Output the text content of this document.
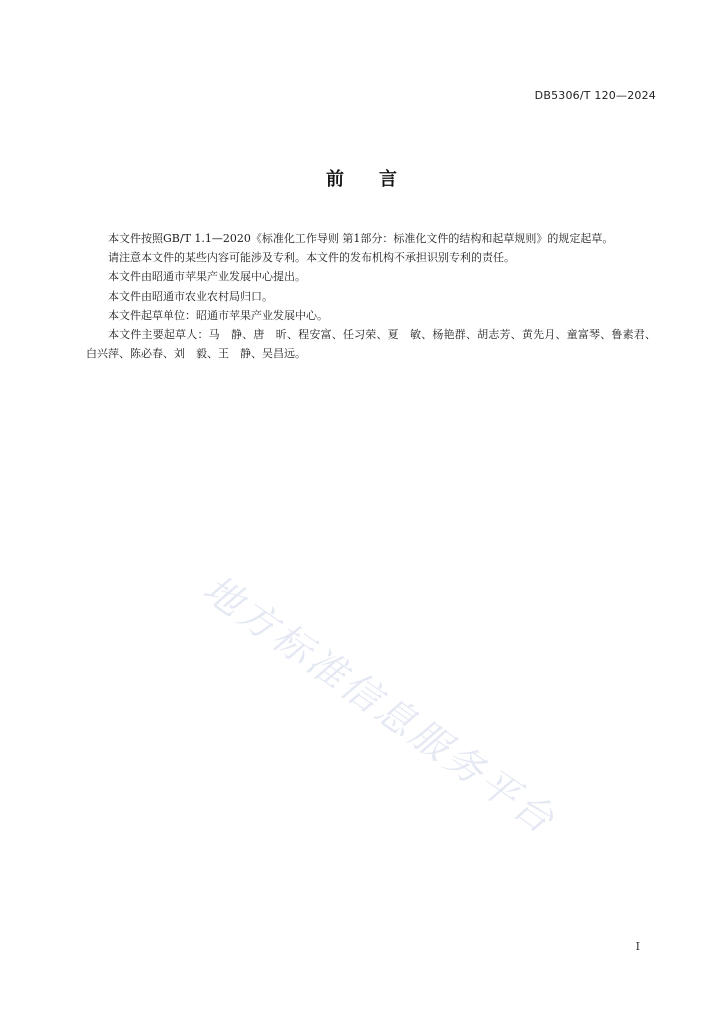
DB5306/T 120—2024
前 言

本文件按照GB/T 1.1—2020《标准化工作导则 第1部分：标准化文件的结构和起草规则》的规定起草。

请注意本文件的某些内容可能涉及专利。本文件的发布机构不承担识别专利的责任。

本文件由昭通市苹果产业发展中心提出。

本文件由昭通市农业农村局归口。

本文件起草单位：昭通市苹果产业发展中心。

本文件主要起草人：马　静、唐　昕、程安富、任习荣、夏　敏、杨艳群、胡志芳、黄先月、童富琴、鲁素君、白兴萍、陈必春、刘　毅、王　静、吴昌远。

地方标准信息服务平台
I
